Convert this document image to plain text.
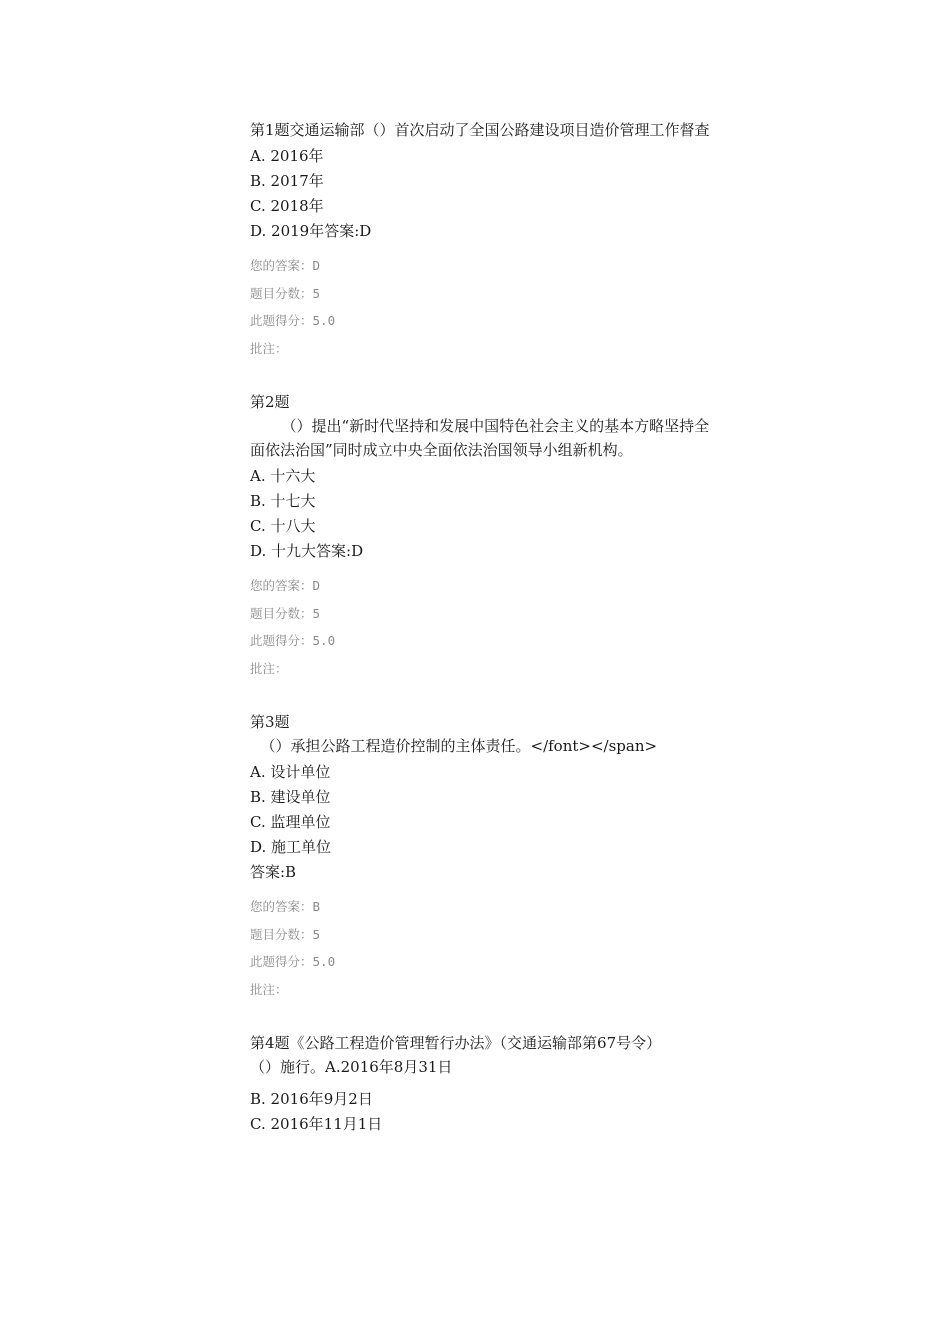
第1题交通运输部（）首次启动了全国公路建设项目造价管理工作督查

A. 2016年
B. 2017年
C. 2018年
D. 2019年答案:D
您的答案：D
题目分数：5
此题得分：5.0
批注：

第2题

（）提出“新时代坚持和发展中国特色社会主义的基本方略坚持全面依法治国”同时成立中央全面依法治国领导小组新机构。

A. 十六大
B. 十七大
C. 十八大
D. 十九大答案:D
您的答案：D
题目分数：5
此题得分：5.0
批注：

第3题

（）承担公路工程造价控制的主体责任。</font></span>

A. 设计单位
B. 建设单位
C. 监理单位
D. 施工单位

答案:B

您的答案：B
题目分数：5
此题得分：5.0
批注：

第4题《公路工程造价管理暂行办法》（交通运输部第67号令）

（）施行。A.2016年8月31日

B. 2016年9月2日
C. 2016年11月1日
